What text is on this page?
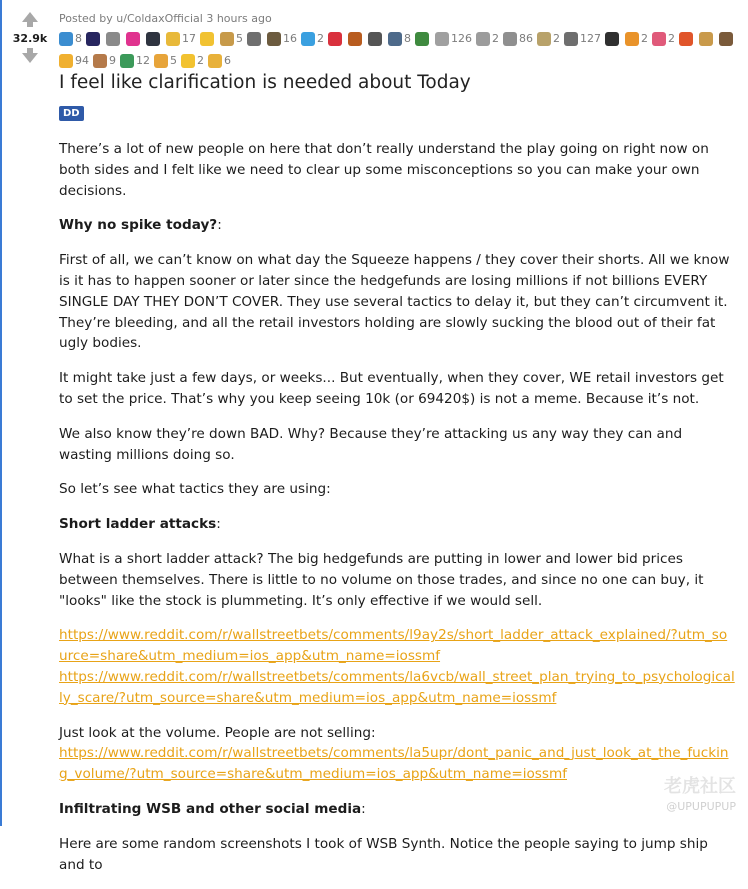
32.9k
Posted by u/ColdaxOfficial 3 hours ago
8	17	5	16 2	8	126 2 86 2 127	2 2
94 9 12 5 2 6
I feel like clarification is needed about Today
DD

There’s a lot of new people on here that don’t really understand the play going on right now on both sides and I felt like we need to clear up some misconceptions so you can make your own decisions.

Why no spike today?:

First of all, we can’t know on what day the Squeeze happens / they cover their shorts. All we know is it has to happen sooner or later since the hedgefunds are losing millions if not billions EVERY SINGLE DAY THEY DON’T COVER. They use several tactics to delay it, but they can’t circumvent it. They’re bleeding, and all the retail investors holding are slowly sucking the blood out of their fat ugly bodies.

It might take just a few days, or weeks... But eventually, when they cover, WE retail investors get to set the price. That’s why you keep seeing 10k (or 69420$) is not a meme. Because it’s not.

We also know they’re down BAD. Why? Because they’re attacking us any way they can and wasting millions doing so.

So let’s see what tactics they are using:

Short ladder attacks:

What is a short ladder attack? The big hedgefunds are putting in lower and lower bid prices between themselves. There is little to no volume on those trades, and since no one can buy, it "looks" like the stock is plummeting. It’s only effective if we would sell.

https://www.reddit.com/r/wallstreetbets/comments/l9ay2s/short_ladder_attack_explained/?utm_source=share&utm_medium=ios_app&utm_name=iossmf
https://www.reddit.com/r/wallstreetbets/comments/la6vcb/wall_street_plan_trying_to_psychologically_scare/?utm_source=share&utm_medium=ios_app&utm_name=iossmf

Just look at the volume. People are not selling:
https://www.reddit.com/r/wallstreetbets/comments/la5upr/dont_panic_and_just_look_at_the_fucking_volume/?utm_source=share&utm_medium=ios_app&utm_name=iossmf

Infiltrating WSB and other social media:

Here are some random screenshots I took of WSB Synth. Notice the people saying to jump ship and to

老虎社区
@UPUPUPUP
